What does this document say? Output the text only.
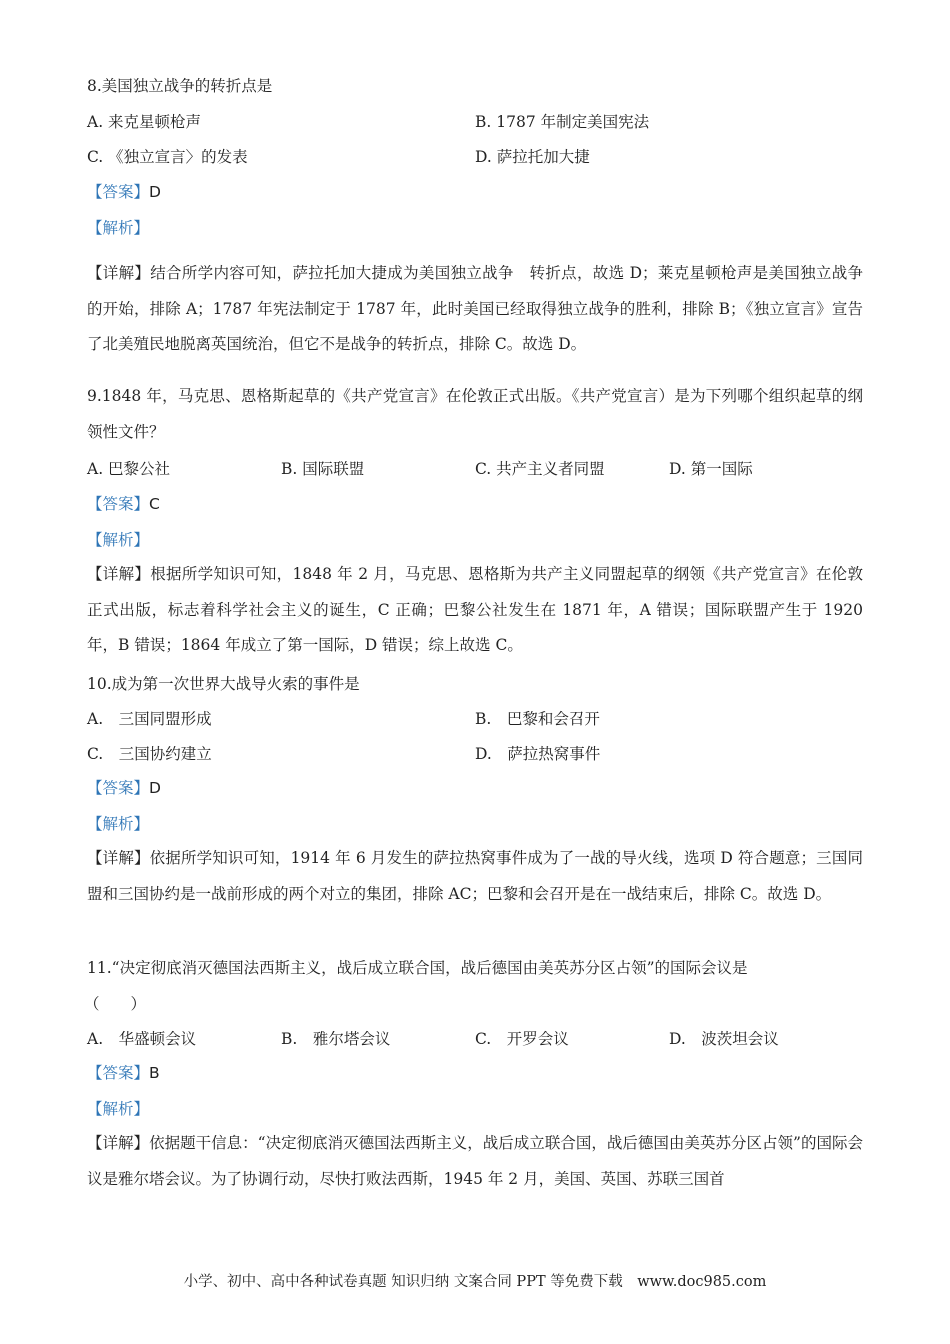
8.美国独立战争的转折点是
A. 来克星顿枪声	B. 1787 年制定美国宪法
C. 《独立宣言〉的发表	D. 萨拉托加大捷
【答案】D
【解析】
【详解】结合所学内容可知，萨拉托加大捷成为美国独立战争　转折点，故选 D；莱克星顿枪声是美国独立战争的开始，排除 A；1787 年宪法制定于 1787 年，此时美国已经取得独立战争的胜利，排除 B；《独立宣言》宣告了北美殖民地脱离英国统治，但它不是战争的转折点，排除 C。故选 D。
9.1848 年，马克思、恩格斯起草的《共产党宣言》在伦敦正式出版。《共产党宣言）是为下列哪个组织起草的纲领性文件？
A. 巴黎公社	B. 国际联盟	C. 共产主义者同盟	D. 第一国际
【答案】C
【解析】
【详解】根据所学知识可知，1848 年 2 月，马克思、恩格斯为共产主义同盟起草的纲领《共产党宣言》在伦敦正式出版，标志着科学社会主义的诞生，C 正确；巴黎公社发生在 1871 年，A 错误；国际联盟产生于 1920 年，B 错误；1864 年成立了第一国际，D 错误；综上故选 C。
10.成为第一次世界大战导火索的事件是
A.　三国同盟形成	B.　巴黎和会召开
C.　三国协约建立	D.　萨拉热窝事件
【答案】D
【解析】
【详解】依据所学知识可知，1914 年 6 月发生的萨拉热窝事件成为了一战的导火线，选项 D 符合题意；三国同盟和三国协约是一战前形成的两个对立的集团，排除 AC；巴黎和会召开是在一战结束后，排除 C。故选 D。
11.“决定彻底消灭德国法西斯主义，战后成立联合国，战后德国由美英苏分区占领”的国际会议是
（　　）
A.　华盛顿会议	B.　雅尔塔会议	C.　开罗会议	D.　波茨坦会议
【答案】B
【解析】
【详解】依据题干信息：“决定彻底消灭德国法西斯主义，战后成立联合国，战后德国由美英苏分区占领”的国际会议是雅尔塔会议。为了协调行动，尽快打败法西斯，1945 年 2 月，美国、英国、苏联三国首
小学、初中、高中各种试卷真题 知识归纳 文案合同 PPT 等免费下载　www.doc985.com
